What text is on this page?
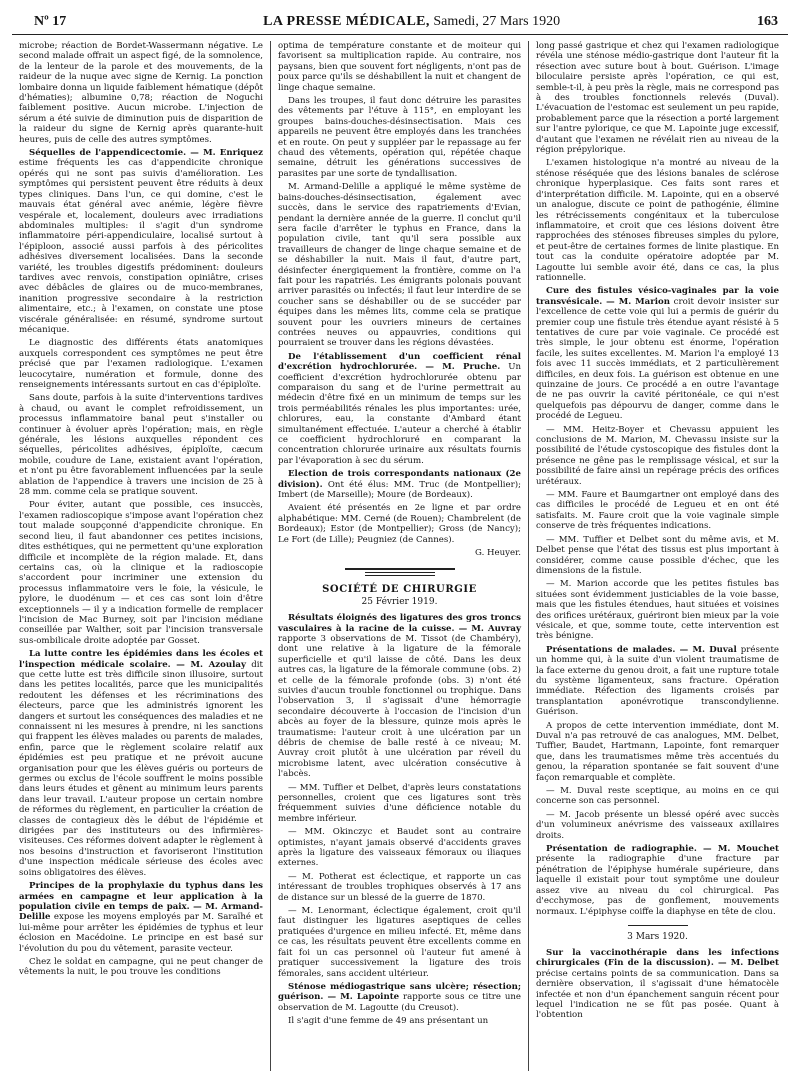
Nº 17	LA PRESSE MÉDICALE, Samedi, 27 Mars 1920	163

microbe; réaction de Bordet-Wassermann négative. Le second malade offrait un aspect figé, de la somnolence, de la lenteur de la parole et des mouvements, de la raideur de la nuque avec signe de Kernig. La ponction lombaire donna un liquide faiblement hématique (dépôt d'hématies); albumine 0,78; réaction de Noguchi faiblement positive. Aucun microbe. L'injection de sérum a été suivie de diminution puis de disparition de la raideur du signe de Kernig après quarante-huit heures, puis de celle des autres symptômes.

Séquelles de l'appendicectomie. — M. Enriquez estime fréquents les cas d'appendicite chronique opérés qui ne sont pas suivis d'amélioration. Les symptômes qui persistent peuvent être réduits à deux types cliniques. Dans l'un, ce qui domine, c'est le mauvais état général avec anémie, légère fièvre vespérale et, localement, douleurs avec irradiations abdominales multiples: il s'agit d'un syndrome inflammatoire péri-appendiculaire, localisé surtout à l'épiploon, associé aussi parfois à des péricolites adhésives diversement localisées. Dans la seconde variété, les troubles digestifs prédominent: douleurs tardives avec renvois, constipation opiniâtre, crises avec débâcles de glaires ou de muco-membranes, inanition progressive secondaire à la restriction alimentaire, etc.; à l'examen, on constate une ptose viscérale généralisée: en résumé, syndrome surtout mécanique.

Le diagnostic des différents états anatomiques auxquels correspondent ces symptômes ne peut être précisé que par l'examen radiologique. L'examen leucocytaire, numération et formule, donne des renseignements intéressants surtout en cas d'épiploïte.

Sans doute, parfois à la suite d'interventions tardives à chaud, ou avant le complet refroidissement, un processus inflammatoire banal peut s'installer ou continuer à évoluer après l'opération; mais, en règle générale, les lésions auxquelles répondent ces séquelles, péricolites adhésives, épiploïte, cæcum mobile, coudure de Lane, existaient avant l'opération, et n'ont pu être favorablement influencées par la seule ablation de l'appendice à travers une incision de 25 à 28 mm. comme cela se pratique souvent.

Pour éviter, autant que possible, ces insuccès, l'examen radioscopique s'impose avant l'opération chez tout malade soupçonné d'appendicite chronique. En second lieu, il faut abandonner ces petites incisions, dites esthétiques, qui ne permettent qu'une exploration difficile et incomplète de la région malade. Et, dans certains cas, où la clinique et la radioscopie s'accordent pour incriminer une extension du processus inflammatoire vers le foie, la vésicule, le pylore, le duodénum — et ces cas sont loin d'être exceptionnels — il y a indication formelle de remplacer l'incision de Mac Burney, soit par l'incision médiane conseillée par Walther, soit par l'incision transversale sus-ombilicale droite adoptée par Gosset.

La lutte contre les épidémies dans les écoles et l'inspection médicale scolaire. — M. Azoulay dit que cette lutte est très difficile sinon illusoire, surtout dans les petites localités, parce que les municipalités redoutent les défenses et les récriminations des électeurs, parce que les administrés ignorent les dangers et surtout les conséquences des maladies et ne connaissent ni les mesures à prendre, ni les sanctions qui frappent les élèves malades ou parents de malades, enfin, parce que le règlement scolaire relatif aux épidémies est peu pratique et ne prévoit aucune organisation pour que les élèves guéris ou porteurs de germes ou exclus de l'école souffrent le moins possible dans leurs études et gênent au minimum leurs parents dans leur travail. L'auteur propose un certain nombre de réformes du règlement, en particulier la création de classes de contagieux dès le début de l'épidémie et dirigées par des instituteurs ou des infirmières-visiteuses. Ces réformes doivent adapter le règlement à nos besoins d'instruction et favoriseront l'institution d'une inspection médicale sérieuse des écoles avec soins obligatoires des élèves.

Principes de la prophylaxie du typhus dans les armées en campagne et leur application à la population civile en temps de paix. — M. Armand-Delille expose les moyens employés par M. Saraïhé et lui-même pour arrêter les épidémies de typhus et leur éclosion en Macédoine. Le principe en est basé sur l'évolution du pou du vêtement, parasite vecteur.

Chez le soldat en campagne, qui ne peut changer de vêtements la nuit, le pou trouve les conditions

optima de température constante et de moiteur qui favorisent sa multiplication rapide. Au contraire, nos paysans, bien que souvent fort négligents, n'ont pas de poux parce qu'ils se déshabillent la nuit et changent de linge chaque semaine.

Dans les troupes, il faut donc détruire les parasites des vêtements par l'étuve à 115°, en employant les groupes bains-douches-désinsectisation. Mais ces appareils ne peuvent être employés dans les tranchées et en route. On peut y suppléer par le repassage au fer chaud des vêtements, opération qui, répétée chaque semaine, détruit les générations successives de parasites par une sorte de tyndallisation.

M. Armand-Delille a appliqué le même système de bains-douches-désinsectisation, également avec succès, dans le service des rapatriements d'Evian, pendant la dernière année de la guerre. Il conclut qu'il sera facile d'arrêter le typhus en France, dans la population civile, tant qu'il sera possible aux travailleurs de changer de linge chaque semaine et de se déshabiller la nuit. Mais il faut, d'autre part, désinfecter énergiquement la frontière, comme on l'a fait pour les rapatriés. Les émigrants polonais pouvant arriver parasités ou infectés; il faut leur interdire de se coucher sans se déshabiller ou de se succéder par équipes dans les mêmes lits, comme cela se pratique souvent pour les ouvriers mineurs de certaines contrées neuves ou appauvries, conditions qui pourraient se trouver dans les régions dévastées.

De l'établissement d'un coefficient rénal d'excrétion hydrochlorurée. — M. Pruche. Un coefficient d'excrétion hydrochlorurée obtenu par comparaison du sang et de l'urine permettrait au médecin d'être fixé en un minimum de temps sur les trois perméabilités rénales les plus importantes: urée, chlorures, eau, la constante d'Ambard étant simultanément effectuée. L'auteur a cherché à établir ce coefficient hydrochloruré en comparant la concentration chlorurée urinaire aux résultats fournis par l'évaporation à sec du sérum.

Election de trois correspondants nationaux (2e division). Ont été élus: MM. Truc (de Montpellier); Imbert (de Marseille); Moure (de Bordeaux).

Avaient été présentés en 2e ligne et par ordre alphabétique: MM. Cerné (de Rouen); Chambrelent (de Bordeaux); Estor (de Montpellier); Gross (de Nancy); Le Fort (de Lille); Peugniez (de Cannes).

G. Heuyer.
SOCIÉTÉ DE CHIRURGIE
25 Février 1919.

Résultats éloignés des ligatures des gros troncs vasculaires à la racine de la cuisse. — M. Auvray rapporte 3 observations de M. Tissot (de Chambéry), dont une relative à la ligature de la fémorale superficielle et qu'il laisse de côté. Dans les deux autres cas, la ligature de la fémorale commune (obs. 2) et celle de la fémorale profonde (obs. 3) n'ont été suivies d'aucun trouble fonctionnel ou trophique. Dans l'observation 3, il s'agissait d'une hémorragie secondaire découverte à l'occasion de l'incision d'un abcès au foyer de la blessure, quinze mois après le traumatisme: l'auteur croit à une ulcération par un débris de chemise de balle resté à ce niveau; M. Auvray croit plutôt à une ulcération par réveil du microbisme latent, avec ulcération consécutive à l'abcès.

— MM. Tuffier et Delbet, d'après leurs constatations personnelles, croient que ces ligatures sont très fréquemment suivies d'une déficience notable du membre inférieur.

— MM. Okinczyc et Baudet sont au contraire optimistes, n'ayant jamais observé d'accidents graves après la ligature des vaisseaux fémoraux ou iliaques externes.

— M. Potherat est éclectique, et rapporte un cas intéressant de troubles trophiques observés à 17 ans de distance sur un blessé de la guerre de 1870.

— M. Lenormant, éclectique également, croit qu'il faut distinguer les ligatures aseptiques de celles pratiquées d'urgence en milieu infecté. Et, même dans ce cas, les résultats peuvent être excellents comme en fait foi un cas personnel où l'auteur fut amené à pratiquer successivement la ligature des trois fémorales, sans accident ultérieur.

Sténose médiogastrique sans ulcère; résection; guérison. — M. Lapointe rapporte sous ce titre une observation de M. Lagoutte (du Creusot).

Il s'agit d'une femme de 49 ans présentant un

long passé gastrique et chez qui l'examen radiologique révéla une sténose médio-gastrique dont l'auteur fit la résection avec suture bout à bout. Guérison. L'image biloculaire persiste après l'opération, ce qui est, semble-t-il, à peu près la règle, mais ne correspond pas à des troubles fonctionnels relevés (Duval). L'évacuation de l'estomac est seulement un peu rapide, probablement parce que la résection a porté largement sur l'antre pylorique, ce que M. Lapointe juge excessif, d'autant que l'examen ne révélait rien au niveau de la région prépylorique.

L'examen histologique n'a montré au niveau de la sténose réséquée que des lésions banales de sclérose chronique hyperplasique. Ces faits sont rares et d'interprétation difficile. M. Lapointe, qui en a observé un analogue, discute ce point de pathogénie, élimine les rétrécissements congénitaux et la tuberculose inflammatoire, et croit que ces lésions doivent être rapprochées des sténoses fibreuses simples du pylore, et peut-être de certaines formes de linite plastique. En tout cas la conduite opératoire adoptée par M. Lagoutte lui semble avoir été, dans ce cas, la plus rationnelle.

Cure des fistules vésico-vaginales par la voie transvésicale. — M. Marion croit devoir insister sur l'excellence de cette voie qui lui a permis de guérir du premier coup une fistule très étendue ayant résisté à 5 tentatives de cure par voie vaginale. Ce procédé est très simple, le jour obtenu est énorme, l'opération facile, les suites excellentes. M. Marion l'a employé 13 fois avec 11 succès immédiats, et 2 particulièrement difficiles, en deux fois. La guérison est obtenue en une quinzaine de jours. Ce procédé a en outre l'avantage de ne pas ouvrir la cavité péritonéale, ce qui n'est quelquefois pas dépourvu de danger, comme dans le procédé de Legueu.

— MM. Heitz-Boyer et Chevassu appuient les conclusions de M. Marion, M. Chevassu insiste sur la possibilité de l'étude cystoscopique des fistules dont la présence ne gêne pas le remplissage vésical, et sur la possibilité de faire ainsi un repérage précis des orifices urétéraux.

— MM. Faure et Baumgartner ont employé dans des cas difficiles le procédé de Legueu et en ont été satisfaits. M. Faure croit que la voie vaginale simple conserve de très fréquentes indications.

— MM. Tuffier et Delbet sont du même avis, et M. Delbet pense que l'état des tissus est plus important à considérer, comme cause possible d'échec, que les dimensions de la fistule.

— M. Marion accorde que les petites fistules bas situées sont évidemment justiciables de la voie basse, mais que les fistules étendues, haut situées et voisines des orifices urétéraux, guériront bien mieux par la voie vésicale, et que, somme toute, cette intervention est très bénigne.

Présentations de malades. — M. Duval présente un homme qui, à la suite d'un violent traumatisme de la face externe du genou droit, a fait une rupture totale du système ligamenteux, sans fracture. Opération immédiate. Réfection des ligaments croisés par transplantation aponévrotique transcondylienne. Guérison.

A propos de cette intervention immédiate, dont M. Duval n'a pas retrouvé de cas analogues, MM. Delbet, Tuffier, Baudet, Hartmann, Lapointe, font remarquer que, dans les traumatismes même très accentués du genou, la réparation spontanée se fait souvent d'une façon remarquable et complète.

— M. Duval reste sceptique, au moins en ce qui concerne son cas personnel.

— M. Jacob présente un blessé opéré avec succès d'un volumineux anévrisme des vaisseaux axillaires droits.

Présentation de radiographie. — M. Mouchet présente la radiographie d'une fracture par pénétration de l'épiphyse humérale supérieure, dans laquelle il existait pour tout symptôme une douleur assez vive au niveau du col chirurgical. Pas d'ecchymose, pas de gonflement, mouvements normaux. L'épiphyse coiffe la diaphyse en tête de clou.

3 Mars 1920.

Sur la vaccinothérapie dans les infections chirurgicales (Fin de la discussion). — M. Delbet précise certains points de sa communication. Dans sa dernière observation, il s'agissait d'une hématocèle infectée et non d'un épanchement sanguin récent pour lequel l'indication ne se fût pas posée. Quant à l'obtention
